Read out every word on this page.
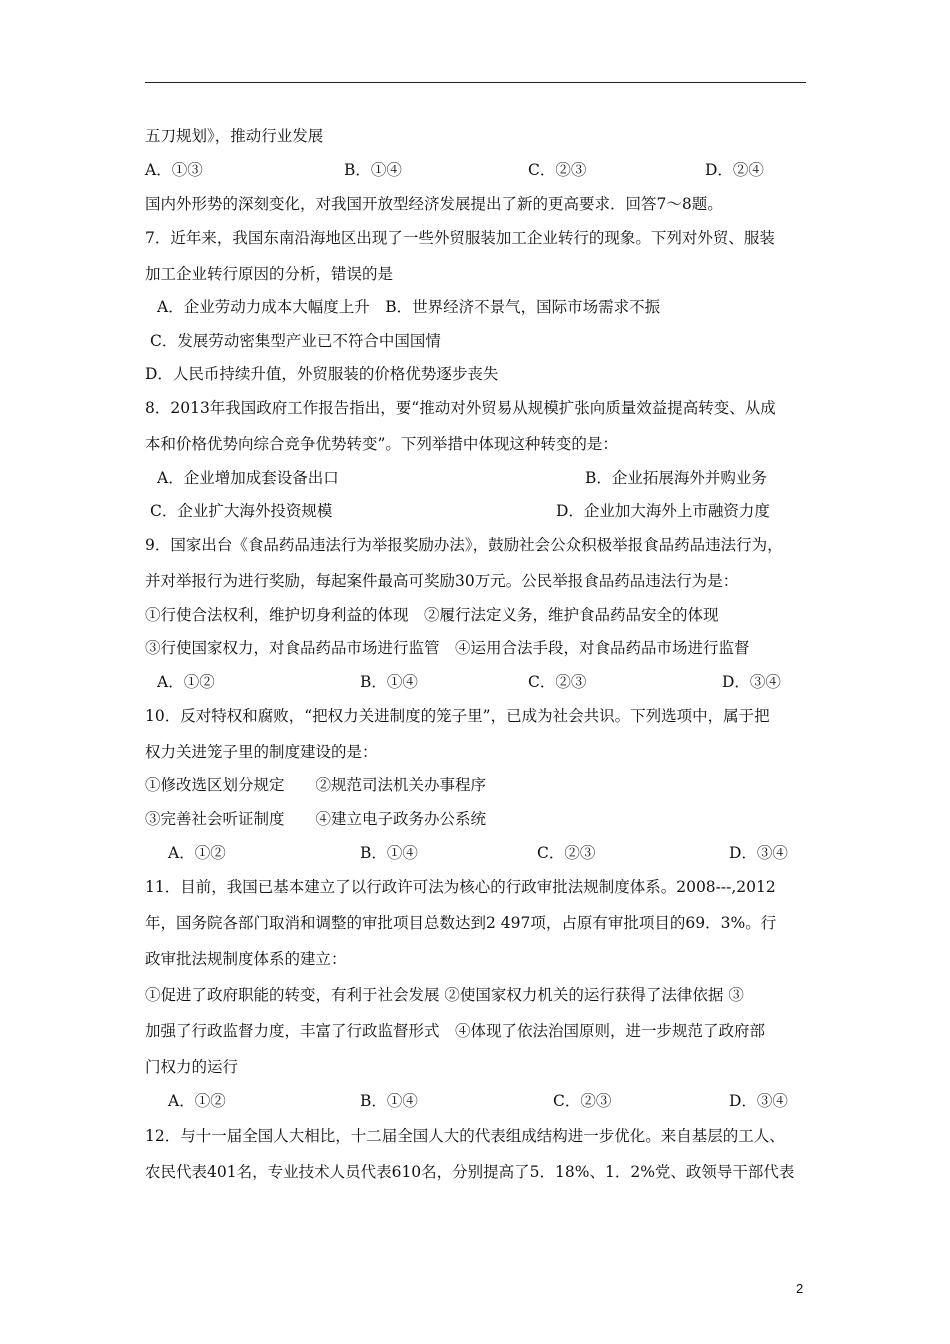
五刀规划》，推动行业发展
A．①③	B．①④	C．②③	D．②④
国内外形势的深刻变化，对我国开放型经济发展提出了新的更高要求．回答7～8题。
7．近年来，我国东南沿海地区出现了一些外贸服装加工企业转行的现象。下列对外贸、服装
加工企业转行原因的分析，错误的是
A．企业劳动力成本大幅度上升　B．世界经济不景气，国际市场需求不振
C．发展劳动密集型产业已不符合中国国情
D．人民币持续升值，外贸服装的价格优势逐步丧失
8．2013年我国政府工作报告指出，要“推动对外贸易从规模扩张向质量效益提高转变、从成
本和价格优势向综合竞争优势转变”。下列举措中体现这种转变的是：
A．企业增加成套设备出口	B．企业拓展海外并购业务
C．企业扩大海外投资规模	D．企业加大海外上市融资力度
9．国家出台《食品药品违法行为举报奖励办法》，鼓励社会公众积极举报食品药品违法行为，
并对举报行为进行奖励，每起案件最高可奖励30万元。公民举报食品药品违法行为是：
①行使合法权利，维护切身利益的体现　②履行法定义务，维护食品药品安全的体现
③行使国家权力，对食品药品市场进行监管　④运用合法手段，对食品药品市场进行监督
A．①②	B．①④	C．②③	D．③④
10．反对特权和腐败，“把权力关进制度的笼子里”，已成为社会共识。下列选项中，属于把
权力关进笼子里的制度建设的是：
①修改选区划分规定　　②规范司法机关办事程序
③完善社会听证制度　　④建立电子政务办公系统
A．①②	B．①④	C．②③	D．③④
11．目前，我国已基本建立了以行政许可法为核心的行政审批法规制度体系。2008---,2012
年，国务院各部门取消和调整的审批项目总数达到2 497项，占原有审批项目的69．3%。行
政审批法规制度体系的建立：
①促进了政府职能的转变，有利于社会发展 ②使国家权力机关的运行获得了法律依据 ③
加强了行政监督力度，丰富了行政监督形式　④体现了依法治国原则，进一步规范了政府部
门权力的运行
A．①②	B．①④	C．②③	D．③④
12．与十一届全国人大相比，十二届全国人大的代表组成结构进一步优化。来自基层的工人、
农民代表401名，专业技术人员代表610名，分别提高了5．18%、1．2%党、政领导干部代表
2
